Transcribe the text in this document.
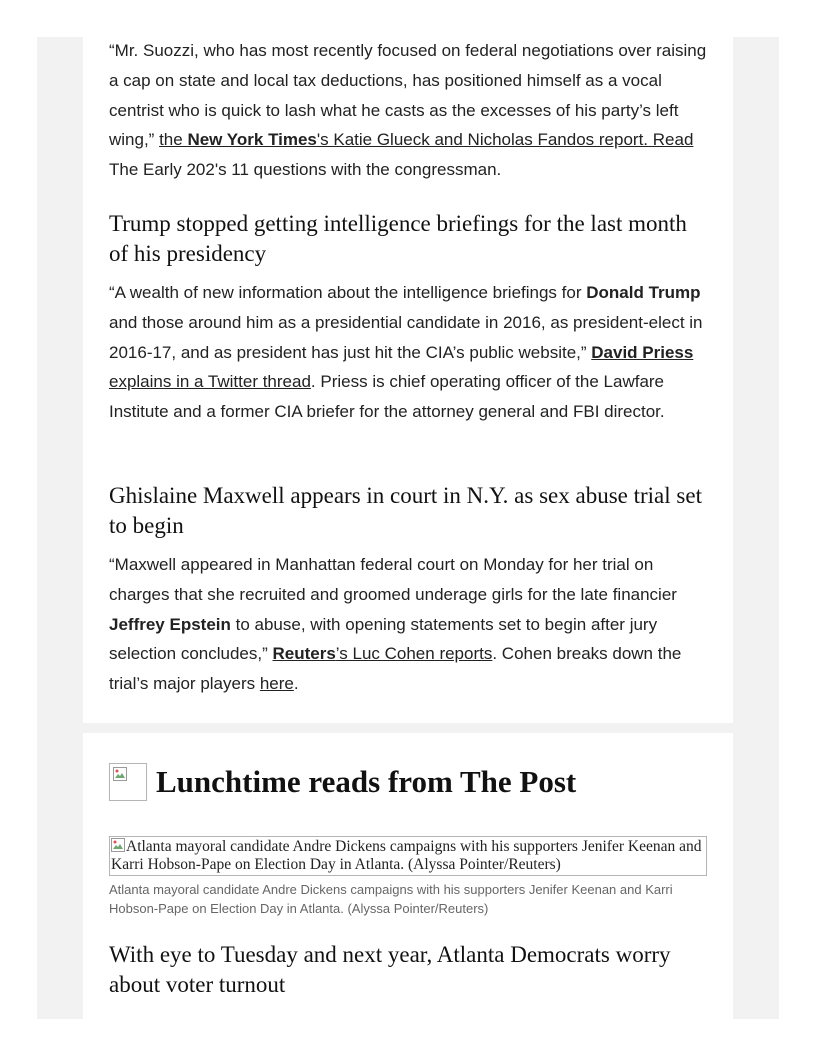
“Mr. Suozzi, who has most recently focused on federal negotiations over raising a cap on state and local tax deductions, has positioned himself as a vocal centrist who is quick to lash what he casts as the excesses of his party’s left wing,” the New York Times's Katie Glueck and Nicholas Fandos report. Read The Early 202's 11 questions with the congressman.

Trump stopped getting intelligence briefings for the last month of his presidency

“A wealth of new information about the intelligence briefings for Donald Trump and those around him as a presidential candidate in 2016, as president-elect in 2016-17, and as president has just hit the CIA’s public website,” David Priess explains in a Twitter thread. Priess is chief operating officer of the Lawfare Institute and a former CIA briefer for the attorney general and FBI director.

Ghislaine Maxwell appears in court in N.Y. as sex abuse trial set to begin

“Maxwell appeared in Manhattan federal court on Monday for her trial on charges that she recruited and groomed underage girls for the late financier Jeffrey Epstein to abuse, with opening statements set to begin after jury selection concludes,” Reuters’s Luc Cohen reports. Cohen breaks down the trial’s major players here.

Lunchtime reads from The Post
Atlanta mayoral candidate Andre Dickens campaigns with his supporters Jenifer Keenan and Karri Hobson-Pape on Election Day in Atlanta. (Alyssa Pointer/Reuters)

Atlanta mayoral candidate Andre Dickens campaigns with his supporters Jenifer Keenan and Karri Hobson-Pape on Election Day in Atlanta. (Alyssa Pointer/Reuters)

With eye to Tuesday and next year, Atlanta Democrats worry about voter turnout
